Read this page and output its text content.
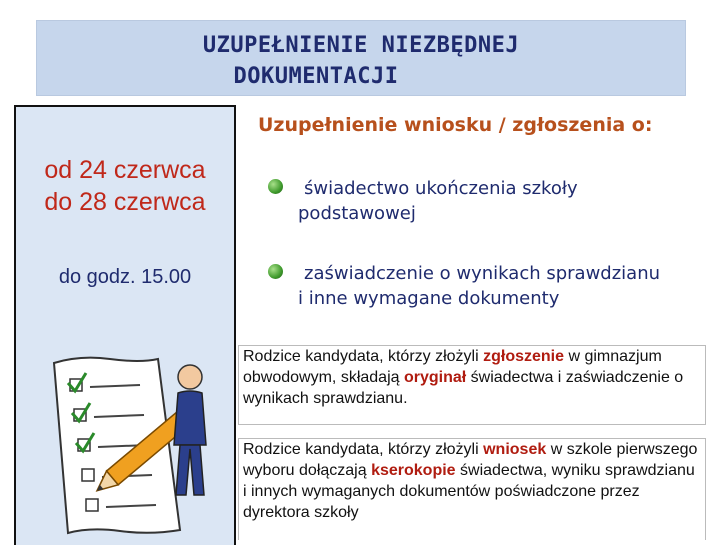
UZUPEŁNIENIE NIEZBĘDNEJ
DOKUMENTACJI
od 24 czerwca
do 28 czerwca
do godz. 15.00
Uzupełnienie wniosku / zgłoszenia o:
świadectwo ukończenia szkoły
podstawowej
zaświadczenie o wynikach sprawdzianu
i inne wymagane dokumenty
Rodzice kandydata, którzy złożyli zgłoszenie w gimnazjum obwodowym, składają oryginał świadectwa i zaświadczenie o wynikach sprawdzianu.
Rodzice kandydata, którzy złożyli wniosek w szkole pierwszego wyboru dołączają kserokopie świadectwa, wyniku sprawdzianu i innych wymaganych dokumentów poświadczone przez dyrektora szkoły
